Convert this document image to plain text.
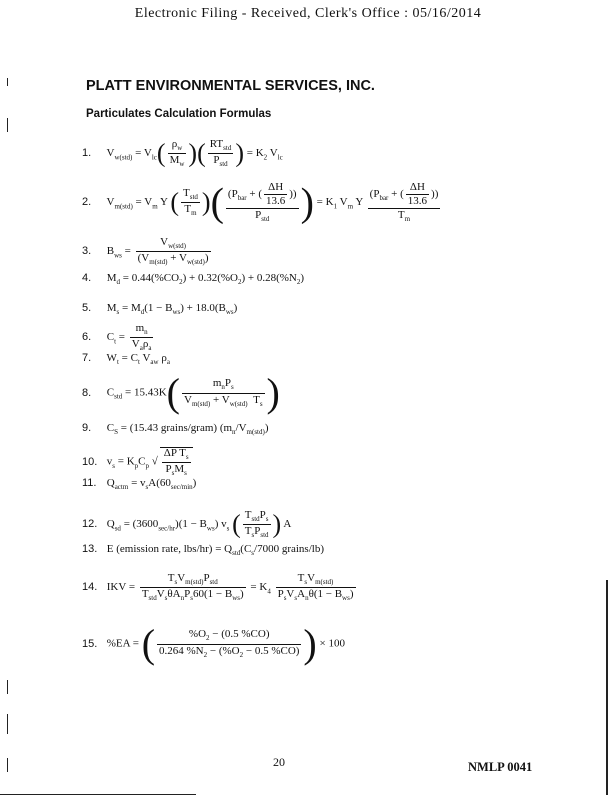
Electronic Filing - Received, Clerk's Office : 05/16/2014
PLATT ENVIRONMENTAL SERVICES, INC.
Particulates Calculation Formulas
1. $V_{w(std)} = V_{lc}( \frac{\rho_w}{M_w}$ )( $\frac{RT_{std}}{P_{std}}$ ) = $K_2$ $V_{lc}$
2. $V_{m(std)} = V_m$ Y ( $\frac{T_{std}}{T_m}$ )( $\frac{(P_{bar} + ( \frac{\Delta H}{13.6} ))}{P_{std}}$ ) = $K_1$ $V_m$ Y $\frac{(P_{bar} + ( \frac{\Delta H}{13.6} ))}{T_m}$
3. $B_{ws} = \frac{V_{w(std)}}{(V_{m(std)} + V_{w(std)})}$
4. $M_d = 0.44(\%CO_2) + 0.32(\%O_2) + 0.28(\%N_2)$
5. $M_s = M_d(1 - B_{ws}) + 18.0(B_{ws})$
6. $C_t = \frac{m_n}{V_a\rho_a}$
7. $W_t = C_t$ $V_{aw}$ $\rho_a$
8. $C_{std} = 15.43K( \frac{m_nP_s}{V_{m(std)} + V_{w(std)} T_s}$ )
9. $C_S = (15.43$ grains/gram) $(m_n/V_{m(std)})$
10. $v_s = K_pC_p$ √ $\frac{\Delta P T_s}{P_sM_s}$
11. $Q_{actm} = v_sA(60_{sec/min})$
12. $Q_{sd} = (3600_{sec/hr})(1 - B_{ws})$ $v_s$ ( $\frac{T_{std}P_s}{T_sP_{std}}$ ) A
13. E (emission rate, $lbs/hr) = Q_{std}(C_s/7000$ grains/lb)
14. IKV = $\frac{T_sV_{m(std)}P_{std}}{T_{std}V_s\theta A_nP_s60(1 - B_{ws})} = K_4 \frac{T_sV_{m(std)}}{P_sV_sA_n\theta(1 - B_{ws})}$
15. %EA = ( $\frac{\%O_2 - (0.5 \%CO)}{0.264 \%N_2 - (\%O_2 - 0.5 \%CO)}$ ) × 100
20	NMLP 0041
